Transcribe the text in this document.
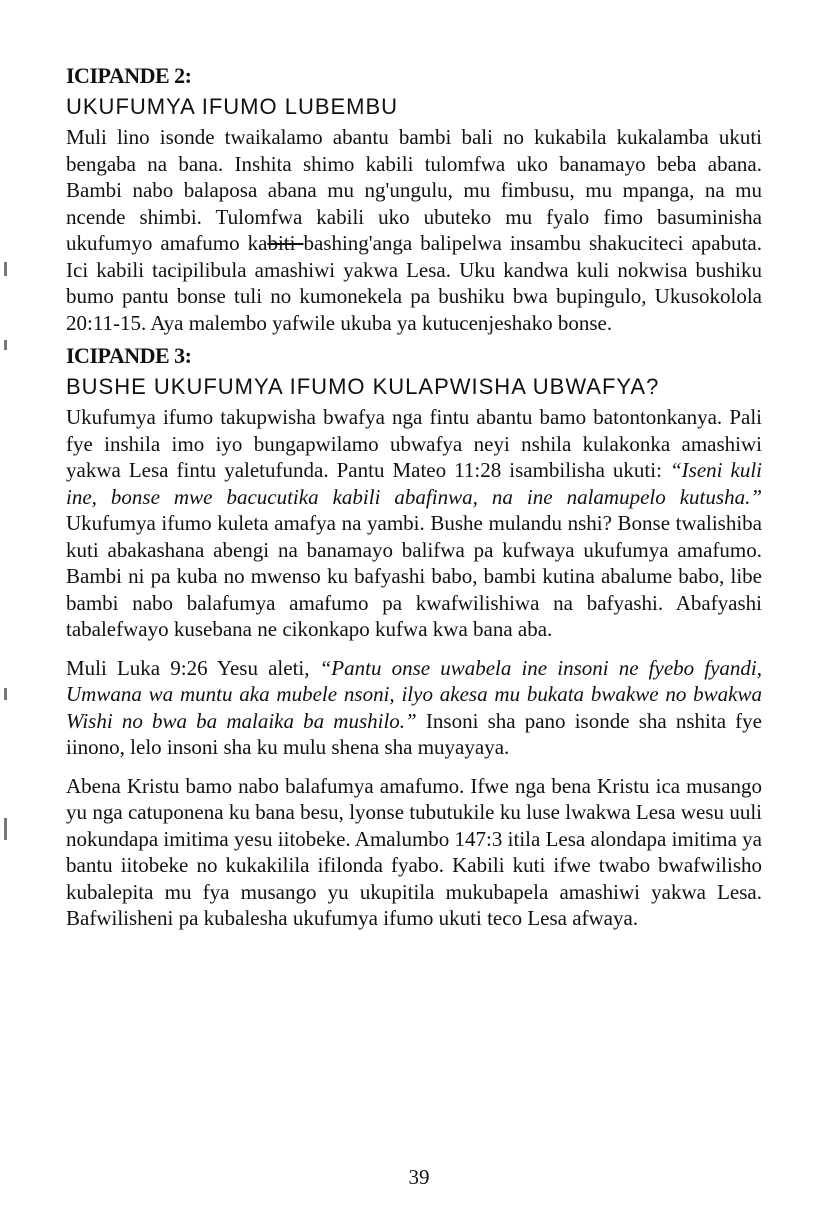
ICIPANDE 2:

UKUFUMYA IFUMO LUBEMBU

Muli lino isonde twaikalamo abantu bambi bali no kukabila kukalamba ukuti bengaba na bana. Inshita shimo kabili tulomfwa uko banamayo beba abana. Bambi nabo balaposa abana mu ng'ungulu, mu fimbusu, mu mpanga, na mu ncende shimbi. Tulomfwa kabili uko ubuteko mu fyalo fimo basuminisha ukufumyo amafumo kabiti bashing'anga balipelwa insambu shakuciteci apabuta. Ici kabili tacipilibula amashiwi yakwa Lesa. Uku kandwa kuli nokwisa bushiku bumo pantu bonse tuli no kumonekela pa bushiku bwa bupingulo, Ukusokolola 20:11-15. Aya malembo yafwile ukuba ya kutucenjeshako bonse.

ICIPANDE 3:

BUSHE UKUFUMYA IFUMO KULAPWISHA UBWAFYA?

Ukufumya ifumo takupwisha bwafya nga fintu abantu bamo batontonkanya. Pali fye inshila imo iyo bungapwilamo ubwafya neyi nshila kulakonka amashiwi yakwa Lesa fintu yaletufunda. Pantu Mateo 11:28 isambilisha ukuti: “Iseni kuli ine, bonse mwe bacucutika kabili abafinwa, na ine nalamupelo kutusha.” Ukufumya ifumo kuleta amafya na yambi. Bushe mulandu nshi? Bonse twalishiba kuti abakashana abengi na banamayo balifwa pa kufwaya ukufumya amafumo. Bambi ni pa kuba no mwenso ku bafyashi babo, bambi kutina abalume babo, libe bambi nabo balafumya amafumo pa kwafwilishiwa na bafyashi. Abafyashi tabalefwayo kusebana ne cikonkapo kufwa kwa bana aba.

Muli Luka 9:26 Yesu aleti, “Pantu onse uwabela ine insoni ne fyebo fyandi, Umwana wa muntu aka mubele nsoni, ilyo akesa mu bukata bwakwe no bwakwa Wishi no bwa ba malaika ba mushilo.” Insoni sha pano isonde sha nshita fye iinono, lelo insoni sha ku mulu shena sha muyayaya.

Abena Kristu bamo nabo balafumya amafumo. Ifwe nga bena Kristu ica musango yu nga catuponena ku bana besu, lyonse tubutukile ku luse lwakwa Lesa wesu uuli nokundapa imitima yesu iitobeke. Amalumbo 147:3 itila Lesa alondapa imitima ya bantu iitobeke no kukakilila ifilonda fyabo. Kabili kuti ifwe twabo bwafwilisho kubalepita mu fya musango yu ukupitila mukubapela amashiwi yakwa Lesa. Bafwilisheni pa kubalesha ukufumya ifumo ukuti teco Lesa afwaya.

39
